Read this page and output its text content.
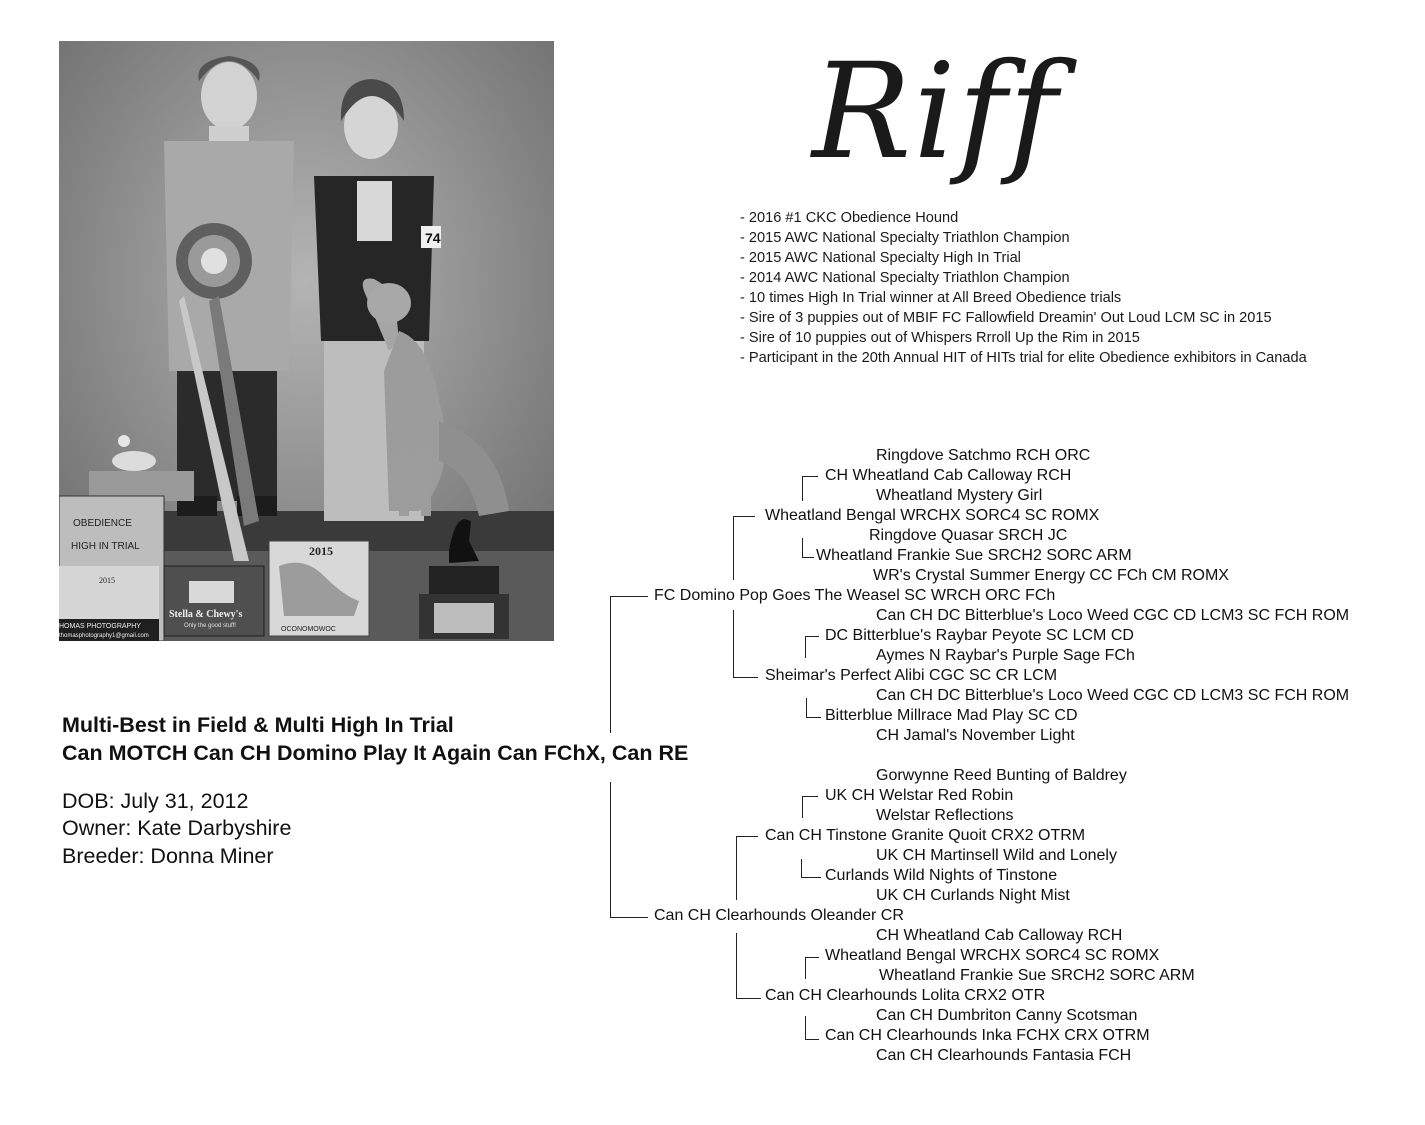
74
OBEDIENCE
HIGH IN TRIAL
2015
HOMAS PHOTOGRAPHY
thomasphotography1@gmail.com
Stella & Chewy's
Only the good stuff!
2015
OCONOMOWOC
Riff
- 2016 #1 CKC Obedience Hound
- 2015 AWC National Specialty Triathlon Champion
- 2015 AWC National Specialty High In Trial
- 2014 AWC National Specialty Triathlon Champion
- 10 times High In Trial winner at All Breed Obedience trials
- Sire of 3 puppies out of MBIF FC Fallowfield Dreamin' Out Loud LCM SC in 2015
- Sire of 10 puppies out of Whispers Rrroll Up the Rim in 2015
- Participant in the 20th Annual HIT of HITs trial for elite Obedience exhibitors in Canada
Multi-Best in Field & Multi High In Trial
Can MOTCH Can CH Domino Play It Again Can FChX, Can RE
DOB: July 31, 2012
Owner: Kate Darbyshire
Breeder: Donna Miner
Ringdove Satchmo RCH ORC
CH Wheatland Cab Calloway RCH
Wheatland Mystery Girl
Wheatland Bengal WRCHX SORC4 SC ROMX
Ringdove Quasar SRCH JC
Wheatland Frankie Sue SRCH2 SORC ARM
WR's Crystal Summer Energy CC FCh CM ROMX
FC Domino Pop Goes The Weasel SC WRCH ORC FCh
Can CH DC Bitterblue's Loco Weed CGC CD LCM3 SC FCH ROM
DC Bitterblue's Raybar Peyote SC LCM CD
Aymes N Raybar's Purple Sage FCh
Sheimar's Perfect Alibi CGC SC CR LCM
Can CH DC Bitterblue's Loco Weed CGC CD LCM3 SC FCH ROM
Bitterblue Millrace Mad Play SC CD
CH Jamal's November Light
Gorwynne Reed Bunting of Baldrey
UK CH Welstar Red Robin
Welstar Reflections
Can CH Tinstone Granite Quoit CRX2 OTRM
UK CH Martinsell Wild and Lonely
Curlands Wild Nights of Tinstone
UK CH Curlands Night Mist
Can CH Clearhounds Oleander CR
CH Wheatland Cab Calloway RCH
Wheatland Bengal WRCHX SORC4 SC ROMX
Wheatland Frankie Sue SRCH2 SORC ARM
Can CH Clearhounds Lolita CRX2 OTR
Can CH Dumbriton Canny Scotsman
Can CH Clearhounds Inka FCHX CRX OTRM
Can CH Clearhounds Fantasia FCH
